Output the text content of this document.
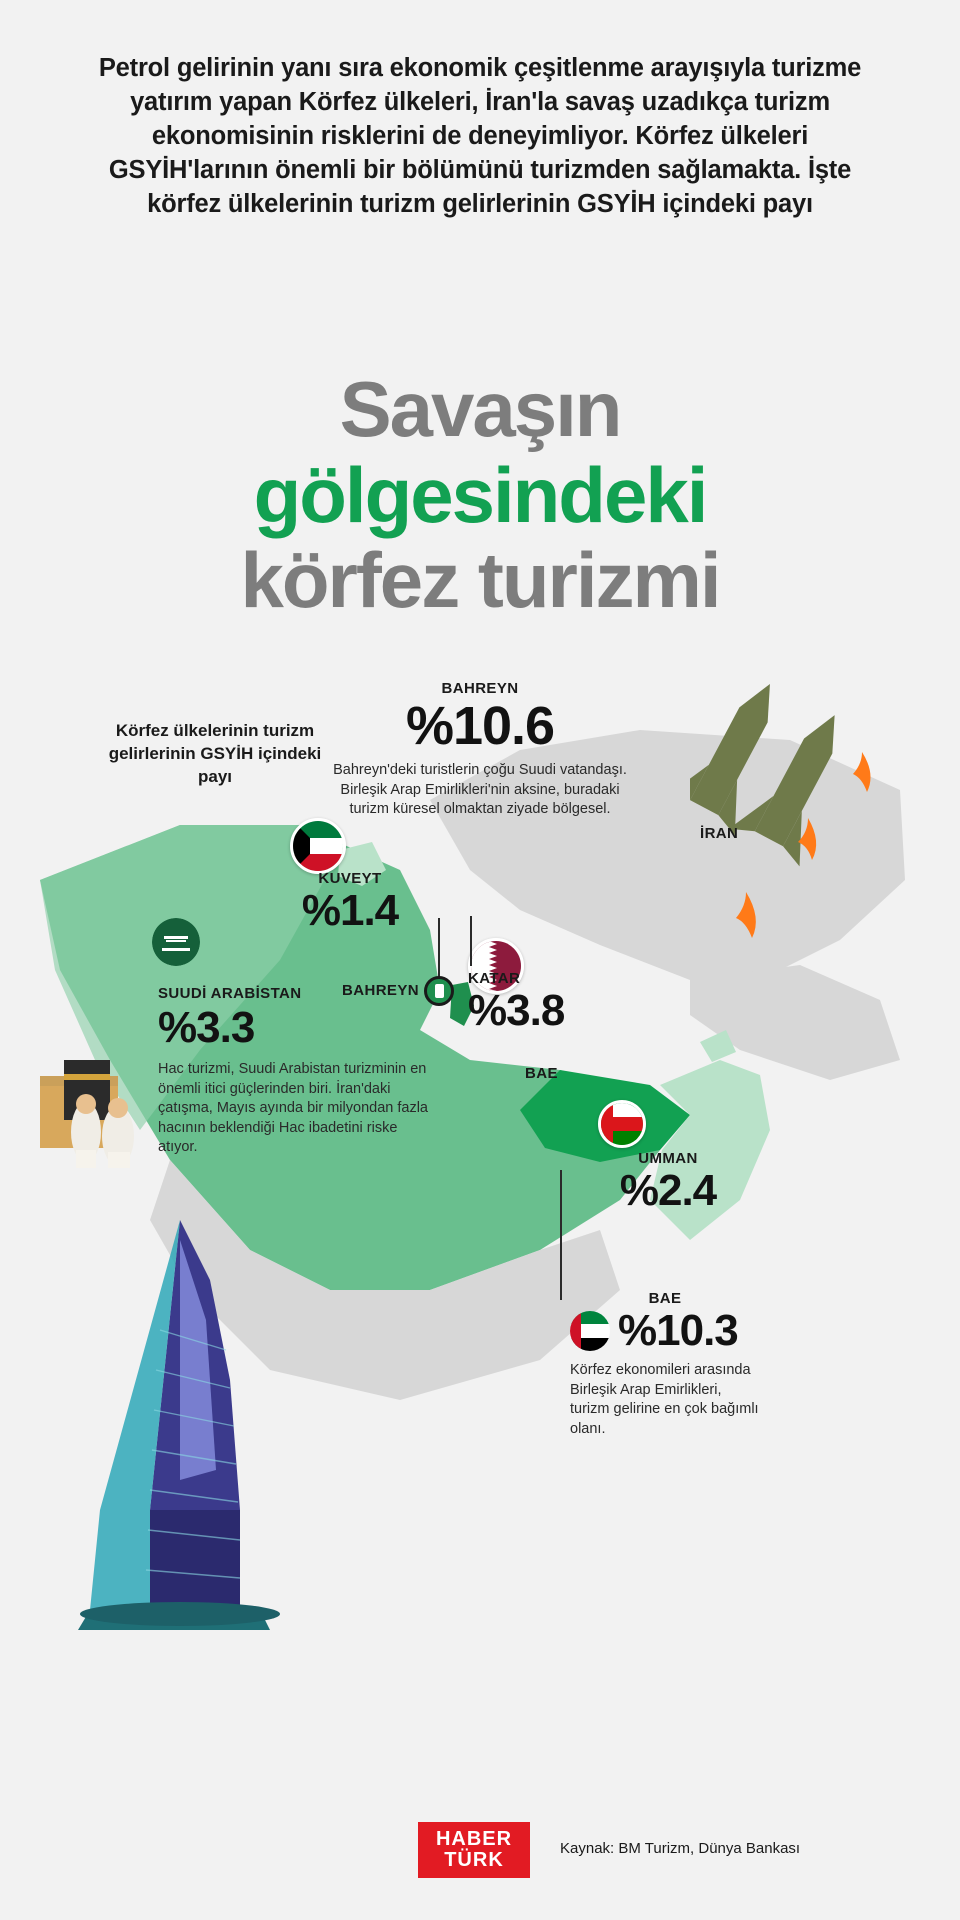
Petrol gelirinin yanı sıra ekonomik çeşitlenme arayışıyla turizme yatırım yapan Körfez ülkeleri, İran'la savaş uzadıkça turizm ekonomisinin risklerini de deneyimliyor. Körfez ülkeleri GSYİH'larının önemli bir bölümünü turizmden sağlamakta. İşte körfez ülkelerinin turizm gelirlerinin GSYİH içindeki payı
Savaşın
gölgesindeki
körfez turizmi
Körfez ülkelerinin turizm gelirlerinin GSYİH içindeki payı
BAHREYN
%10.6
Bahreyn'deki turistlerin çoğu Suudi vatandaşı. Birleşik Arap Emirlikleri'nin aksine, buradaki turizm küresel olmaktan ziyade bölgesel.
İRAN
KUVEYT
%1.4
SUUDİ ARABİSTAN
%3.3
Hac turizmi, Suudi Arabistan turizminin en önemli itici güçlerinden biri. İran'daki çatışma, Mayıs ayında bir milyondan fazla hacının beklendiği Hac ibadetini riske atıyor.
BAHREYN
KATAR
%3.8
BAE
UMMAN
%2.4
BAE
%10.3
Körfez ekonomileri arasında Birleşik Arap Emirlikleri, turizm gelirine en çok bağımlı olanı.
HABER
TÜRK
Kaynak: BM Turizm, Dünya Bankası
